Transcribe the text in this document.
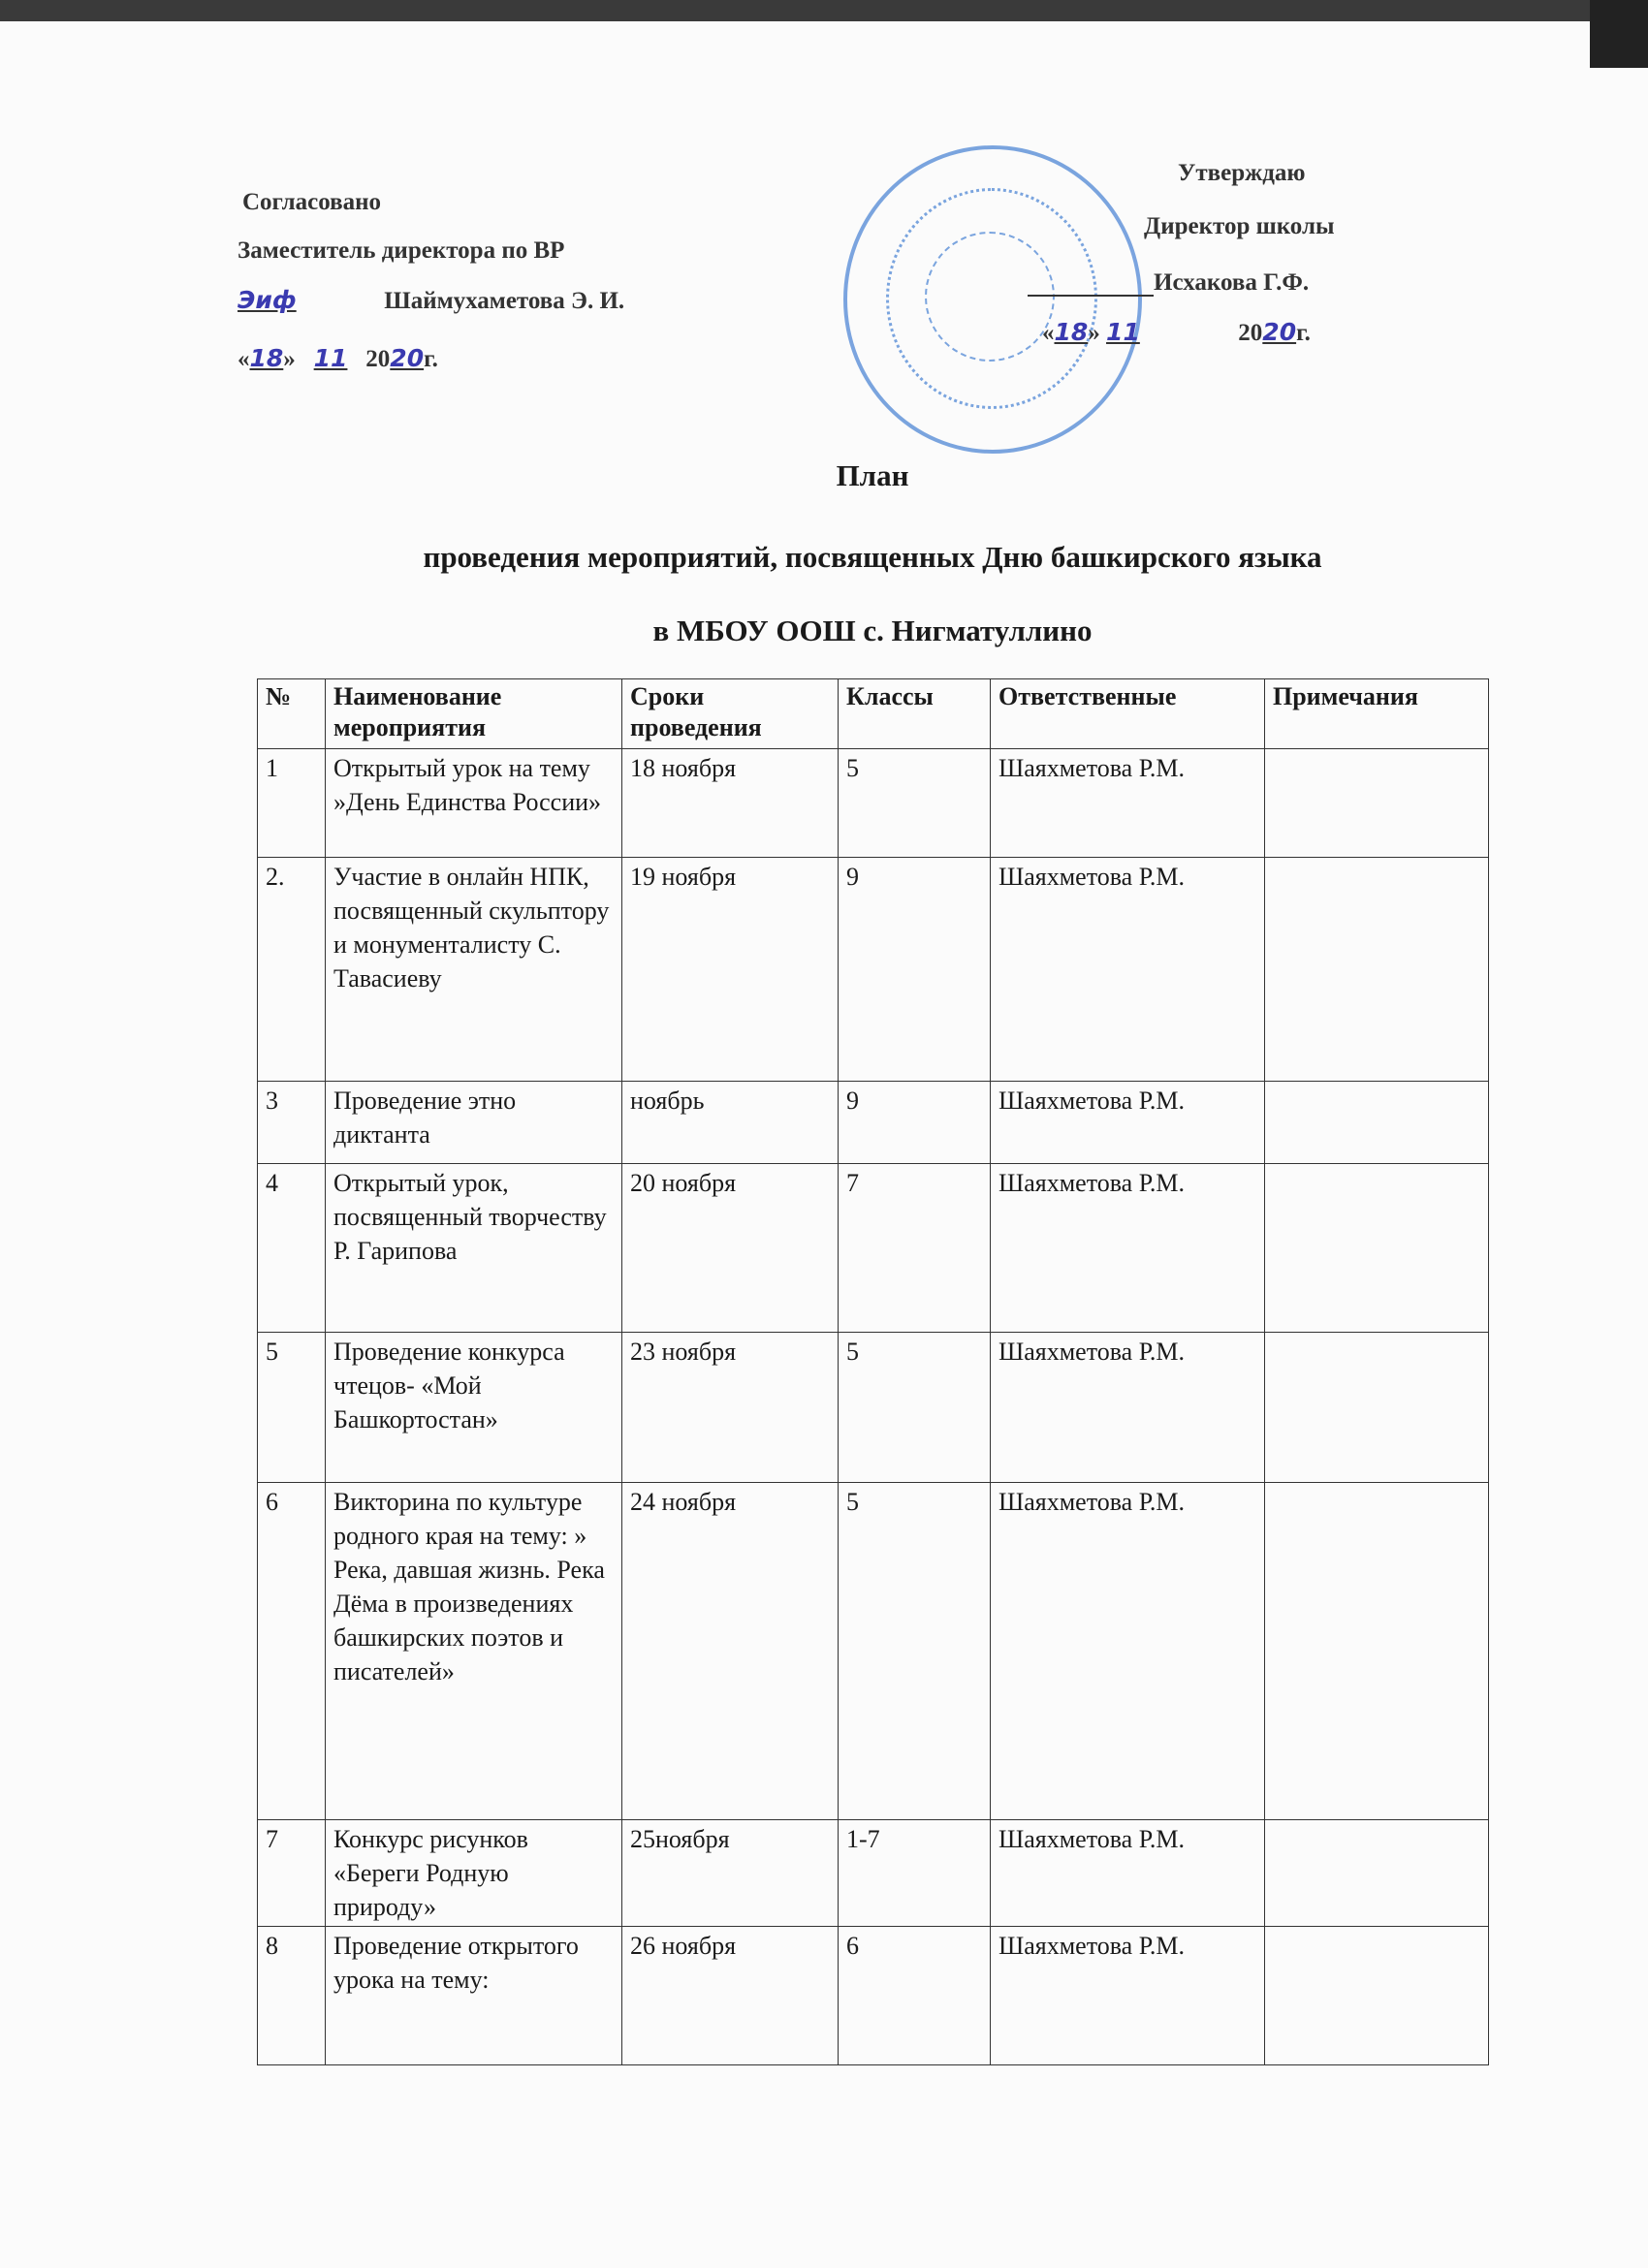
Согласовано
Заместитель директора по ВР
Эиф	Шаймухаметова Э. И.
«18» 11 2020г.
Утверждаю
Директор школы
Исхакова Г.Ф.
«18» 11	2020г.
План
проведения мероприятий, посвященных Дню башкирского языка
в МБОУ ООШ с. Нигматуллино
№	Наименование мероприятия	Сроки проведения	Классы	Ответственные	Примечания
1	Открытый урок на тему »День Единства России»	18 ноября	5	Шаяхметова Р.М.	
2.	Участие в онлайн НПК, посвященный скульптору и монументалисту С. Тавасиеву	19 ноября	9	Шаяхметова Р.М.	
3	Проведение этно диктанта	ноябрь	9	Шаяхметова Р.М.	
4	Открытый урок, посвященный творчеству Р. Гарипова	20 ноября	7	Шаяхметова Р.М.	
5	Проведение конкурса чтецов- «Мой Башкортостан»	23 ноября	5	Шаяхметова Р.М.	
6	Викторина по культуре родного края на тему: » Река, давшая жизнь. Река Дёма в произведениях башкирских поэтов и писателей»	24 ноября	5	Шаяхметова Р.М.	
7	Конкурс рисунков «Береги Родную природу»	25ноября	1-7	Шаяхметова Р.М.	
8	Проведение открытого урока на тему:	26 ноября	6	Шаяхметова Р.М.	
